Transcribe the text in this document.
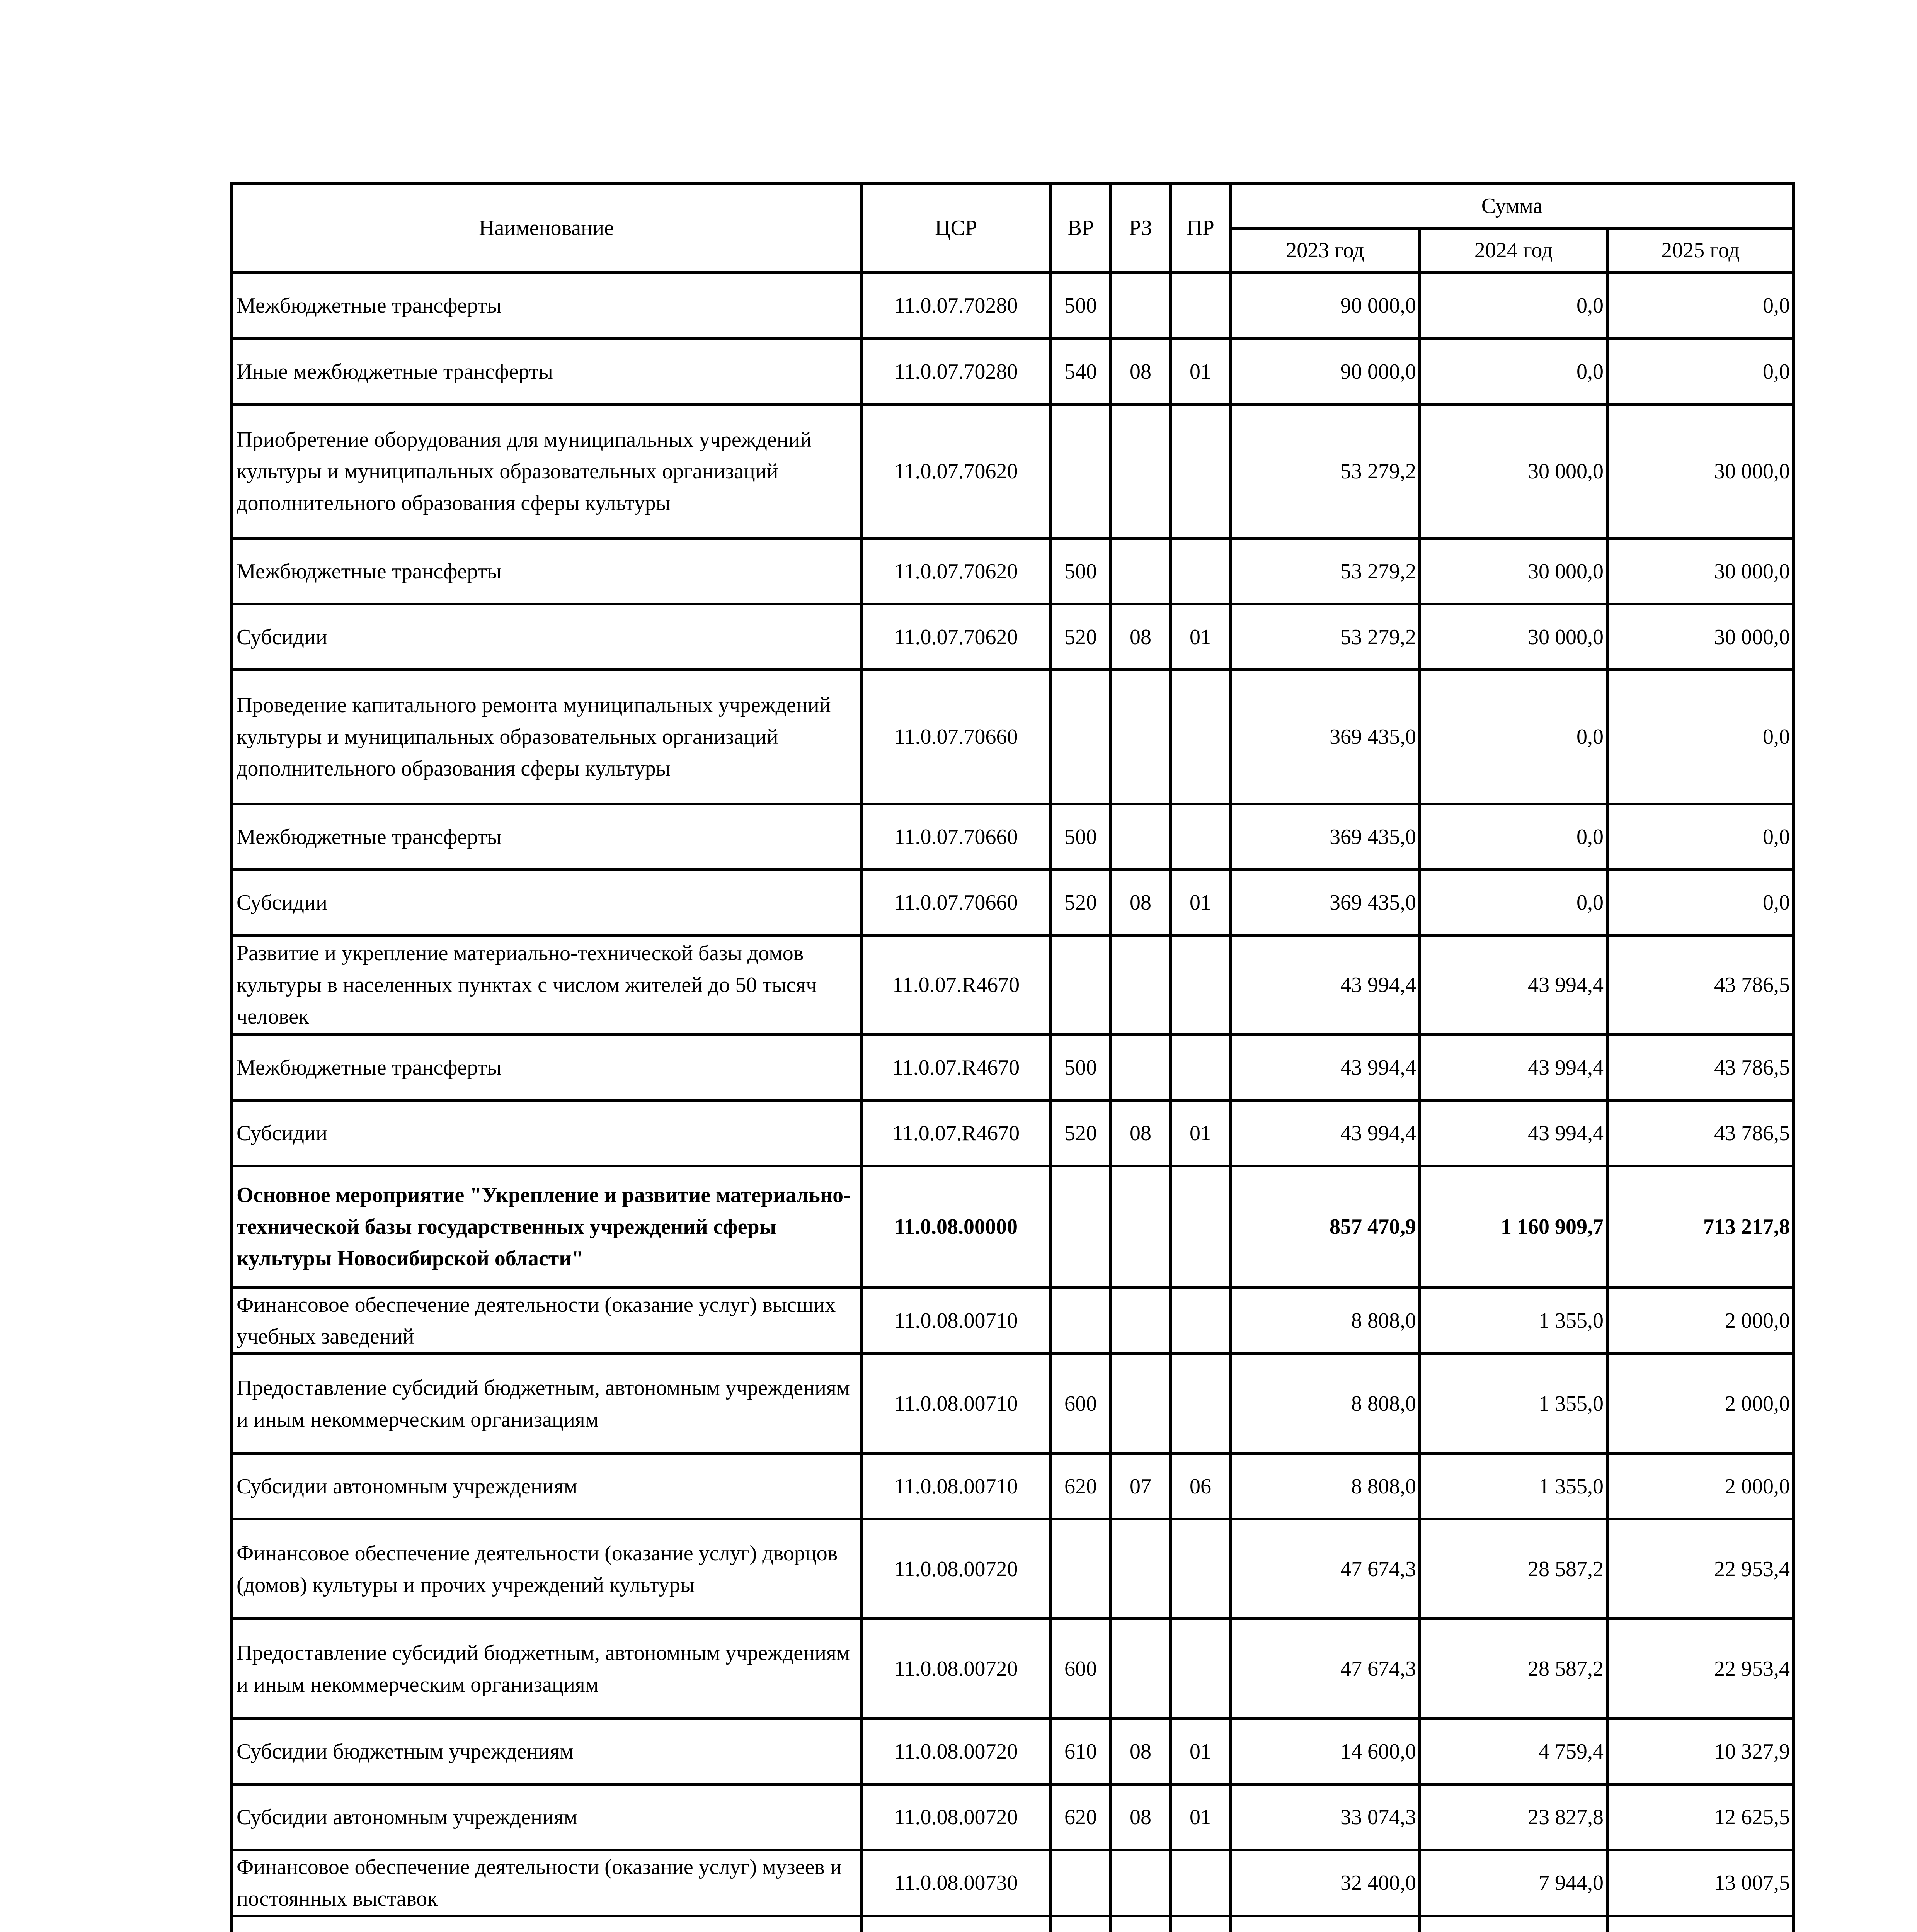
Наименование	ЦСР	ВР	РЗ	ПР	Сумма		
					2023 год	2024 год	2025 год
Межбюджетные трансферты	11.0.07.70280	500			90 000,0	0,0	0,0
Иные межбюджетные трансферты	11.0.07.70280	540	08	01	90 000,0	0,0	0,0
Приобретение оборудования для муниципальных учреждений культуры и муниципальных образовательных организаций дополнительного образования сферы культуры	11.0.07.70620				53 279,2	30 000,0	30 000,0
Межбюджетные трансферты	11.0.07.70620	500			53 279,2	30 000,0	30 000,0
Субсидии	11.0.07.70620	520	08	01	53 279,2	30 000,0	30 000,0
Проведение капитального ремонта муниципальных учреждений культуры и муниципальных образовательных организаций дополнительного образования сферы культуры	11.0.07.70660				369 435,0	0,0	0,0
Межбюджетные трансферты	11.0.07.70660	500			369 435,0	0,0	0,0
Субсидии	11.0.07.70660	520	08	01	369 435,0	0,0	0,0
Развитие и укрепление материально-технической базы домов культуры в населенных пунктах с числом жителей до 50 тысяч человек	11.0.07.R4670				43 994,4	43 994,4	43 786,5
Межбюджетные трансферты	11.0.07.R4670	500			43 994,4	43 994,4	43 786,5
Субсидии	11.0.07.R4670	520	08	01	43 994,4	43 994,4	43 786,5
Основное мероприятие "Укрепление и развитие материально-технической базы государственных учреждений сферы культуры Новосибирской области"	11.0.08.00000				857 470,9	1 160 909,7	713 217,8
Финансовое обеспечение деятельности (оказание услуг) высших учебных заведений	11.0.08.00710				8 808,0	1 355,0	2 000,0
Предоставление субсидий бюджетным, автономным учреждениям и иным некоммерческим организациям	11.0.08.00710	600			8 808,0	1 355,0	2 000,0
Субсидии автономным учреждениям	11.0.08.00710	620	07	06	8 808,0	1 355,0	2 000,0
Финансовое обеспечение деятельности (оказание услуг) дворцов (домов) культуры и прочих учреждений культуры	11.0.08.00720				47 674,3	28 587,2	22 953,4
Предоставление субсидий бюджетным, автономным учреждениям и иным некоммерческим организациям	11.0.08.00720	600			47 674,3	28 587,2	22 953,4
Субсидии бюджетным учреждениям	11.0.08.00720	610	08	01	14 600,0	4 759,4	10 327,9
Субсидии автономным учреждениям	11.0.08.00720	620	08	01	33 074,3	23 827,8	12 625,5
Финансовое обеспечение деятельности (оказание услуг) музеев и постоянных выставок	11.0.08.00730				32 400,0	7 944,0	13 007,5
